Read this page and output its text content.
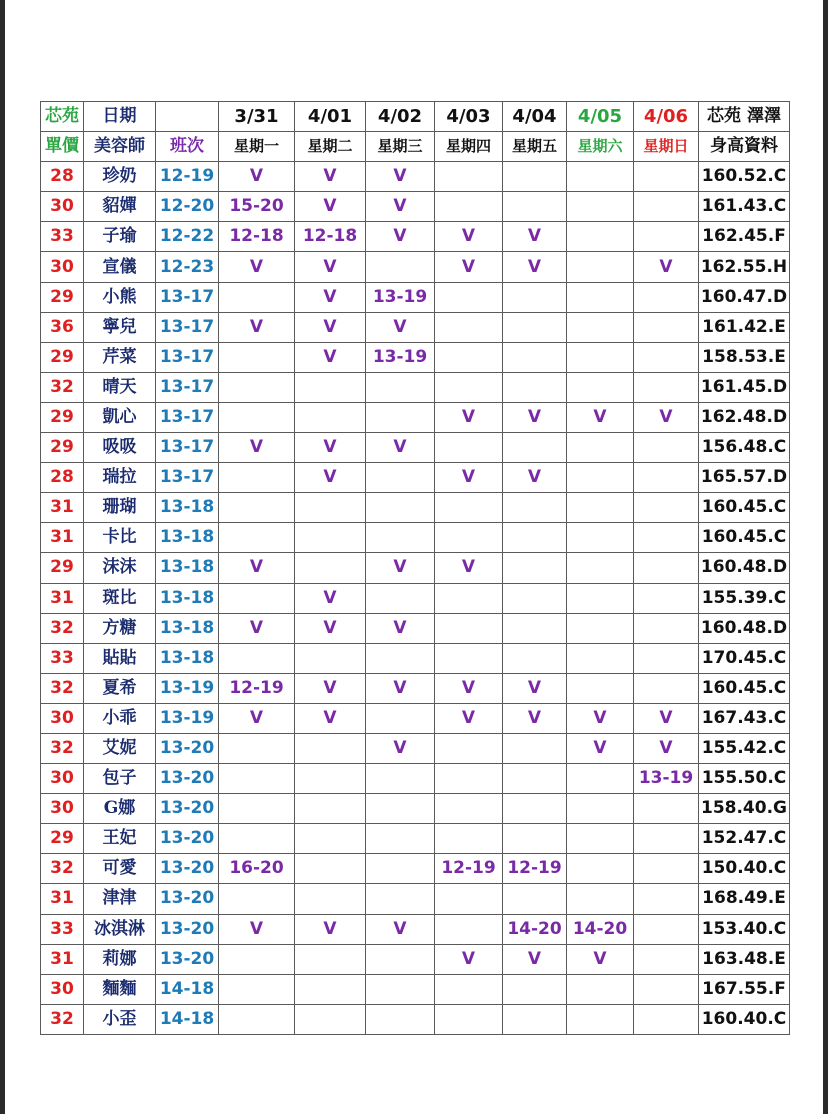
芯苑	日期		3/31	4/01	4/02	4/03	4/04	4/05	4/06	芯苑 澤澤
單價	美容師	班次	星期一	星期二	星期三	星期四	星期五	星期六	星期日	身高資料
28	珍奶	12-19	V	V	V					160.52.C
30	貂嬋	12-20	15-20	V	V					161.43.C
33	子瑜	12-22	12-18	12-18	V	V	V			162.45.F
30	宣儀	12-23	V	V		V	V		V	162.55.H
29	小熊	13-17		V	13-19					160.47.D
36	寧兒	13-17	V	V	V					161.42.E
29	芹菜	13-17		V	13-19					158.53.E
32	晴天	13-17								161.45.D
29	凱心	13-17				V	V	V	V	162.48.D
29	吸吸	13-17	V	V	V					156.48.C
28	瑞拉	13-17		V		V	V			165.57.D
31	珊瑚	13-18								160.45.C
31	卡比	13-18								160.45.C
29	沫沫	13-18	V		V	V				160.48.D
31	斑比	13-18		V						155.39.C
32	方糖	13-18	V	V	V					160.48.D
33	貼貼	13-18								170.45.C
32	夏希	13-19	12-19	V	V	V	V			160.45.C
30	小乖	13-19	V	V		V	V	V	V	167.43.C
32	艾妮	13-20			V			V	V	155.42.C
30	包子	13-20							13-19	155.50.C
30	G娜	13-20								158.40.G
29	王妃	13-20								152.47.C
32	可愛	13-20	16-20			12-19	12-19			150.40.C
31	津津	13-20								168.49.E
33	冰淇淋	13-20	V	V	V		14-20	14-20		153.40.C
31	莉娜	13-20				V	V	V		163.48.E
30	麵麵	14-18								167.55.F
32	小歪	14-18								160.40.C
